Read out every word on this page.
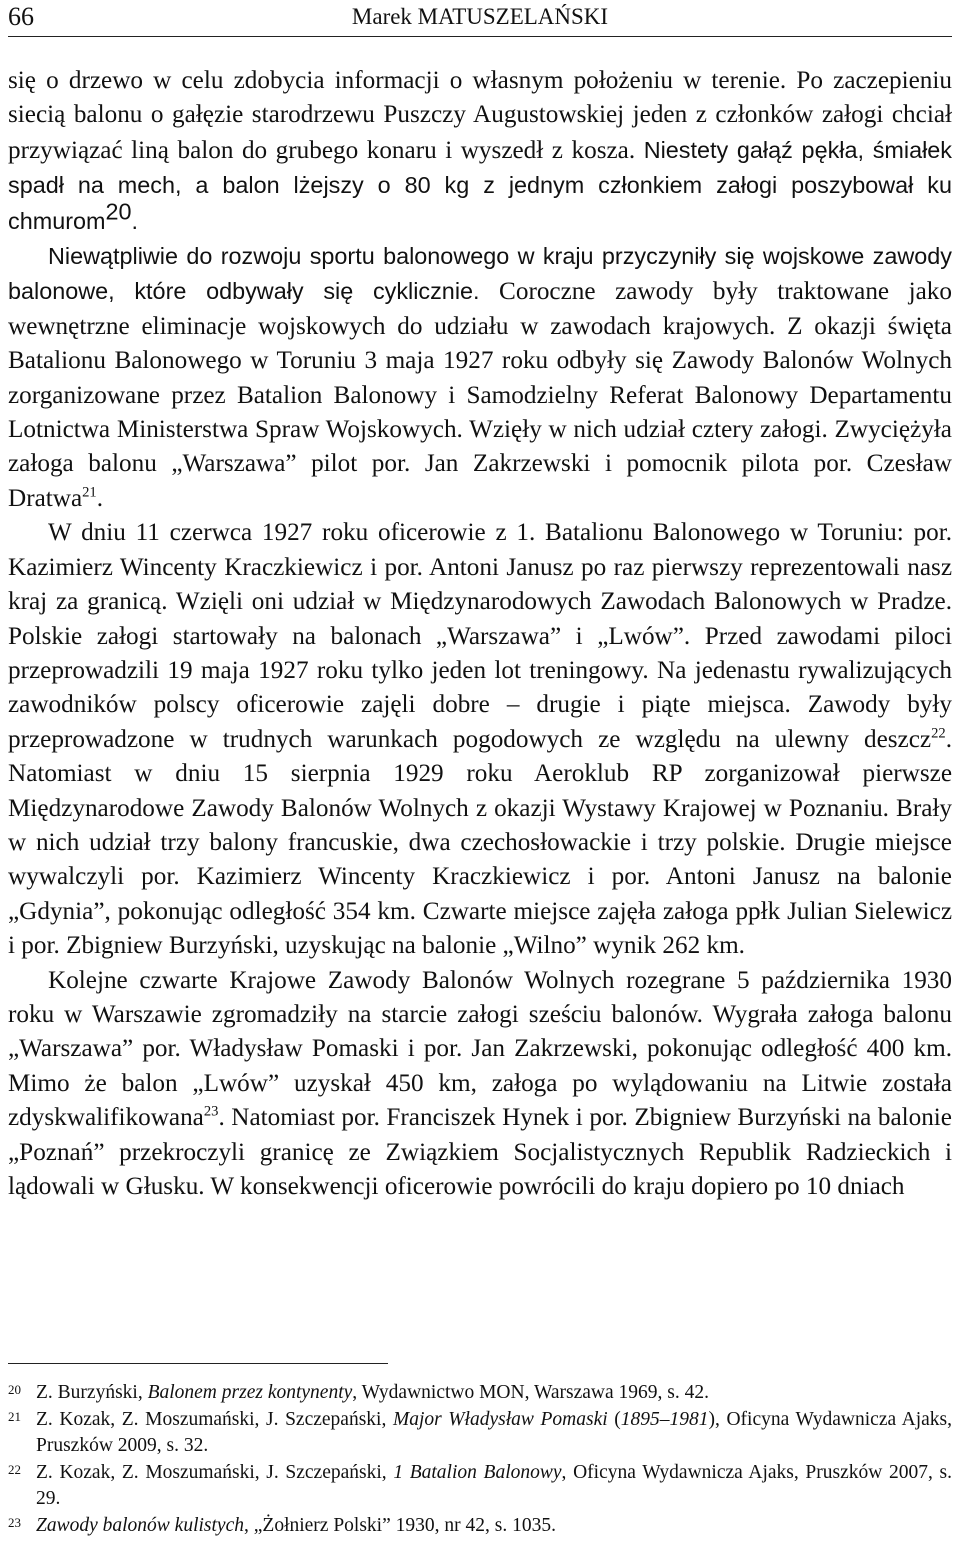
66	Marek MATUSZELAŃSKI

się o drzewo w celu zdobycia informacji o własnym położeniu w terenie. Po zaczepieniu siecią balonu o gałęzie starodrzewu Puszczy Augustowskiej jeden z członków załogi chciał przywiązać liną balon do grubego konaru i wyszedł z kosza. Niestety gałąź pękła, śmiałek spadł na mech, a balon lżejszy o 80 kg z jednym członkiem załogi poszybował ku chmurom$^{20}$.

Niewątpliwie do rozwoju sportu balonowego w kraju przyczyniły się wojskowe zawody balonowe, które odbywały się cyklicznie. Coroczne zawody były traktowane jako wewnętrzne eliminacje wojskowych do udziału w zawodach krajowych. Z okazji święta Batalionu Balonowego w Toruniu 3 maja 1927 roku odbyły się Zawody Balonów Wolnych zorganizowane przez Batalion Balonowy i Samodzielny Referat Balonowy Departamentu Lotnictwa Ministerstwa Spraw Wojskowych. Wzięły w nich udział cztery załogi. Zwyciężyła załoga balonu „Warszawa” pilot por. Jan Zakrzewski i pomocnik pilota por. Czesław Dratwa$^{21}$.

W dniu 11 czerwca 1927 roku oficerowie z 1. Batalionu Balonowego w Toruniu: por. Kazimierz Wincenty Kraczkiewicz i por. Antoni Janusz po raz pierwszy reprezentowali nasz kraj za granicą. Wzięli oni udział w Międzynarodowych Zawodach Balonowych w Pradze. Polskie załogi startowały na balonach „Warszawa” i „Lwów”. Przed zawodami piloci przeprowadzili 19 maja 1927 roku tylko jeden lot treningowy. Na jedenastu rywalizujących zawodników polscy oficerowie zajęli dobre – drugie i piąte miejsca. Zawody były przeprowadzone w trudnych warunkach pogodowych ze względu na ulewny deszcz$^{22}$. Natomiast w dniu 15 sierpnia 1929 roku Aeroklub RP zorganizował pierwsze Międzynarodowe Zawody Balonów Wolnych z okazji Wystawy Krajowej w Poznaniu. Brały w nich udział trzy balony francuskie, dwa czechosłowackie i trzy polskie. Drugie miejsce wywalczyli por. Kazimierz Wincenty Kraczkiewicz i por. Antoni Janusz na balonie „Gdynia”, pokonując odległość 354 km. Czwarte miejsce zajęła załoga ppłk Julian Sielewicz i por. Zbigniew Burzyński, uzyskując na balonie „Wilno” wynik 262 km.

Kolejne czwarte Krajowe Zawody Balonów Wolnych rozegrane 5 października 1930 roku w Warszawie zgromadziły na starcie załogi sześciu balonów. Wygrała załoga balonu „Warszawa” por. Władysław Pomaski i por. Jan Zakrzewski, pokonując odległość 400 km. Mimo że balon „Lwów” uzyskał 450 km, załoga po wylądowaniu na Litwie została zdyskwalifikowana$^{23}$. Natomiast por. Franciszek Hynek i por. Zbigniew Burzyński na balonie „Poznań” przekroczyli granicę ze Związkiem Socjalistycznych Republik Radzieckich i lądowali w Głusku. W konsekwencji oficerowie powrócili do kraju dopiero po 10 dniach

20 Z. Burzyński, Balonem przez kontynenty, Wydawnictwo MON, Warszawa 1969, s. 42.

21 Z. Kozak, Z. Moszumański, J. Szczepański, Major Władysław Pomaski (1895–1981), Oficyna Wydawnicza Ajaks, Pruszków 2009, s. 32.

22 Z. Kozak, Z. Moszumański, J. Szczepański, 1 Batalion Balonowy, Oficyna Wydawnicza Ajaks, Pruszków 2007, s. 29.

23 Zawody balonów kulistych, „Żołnierz Polski” 1930, nr 42, s. 1035.
